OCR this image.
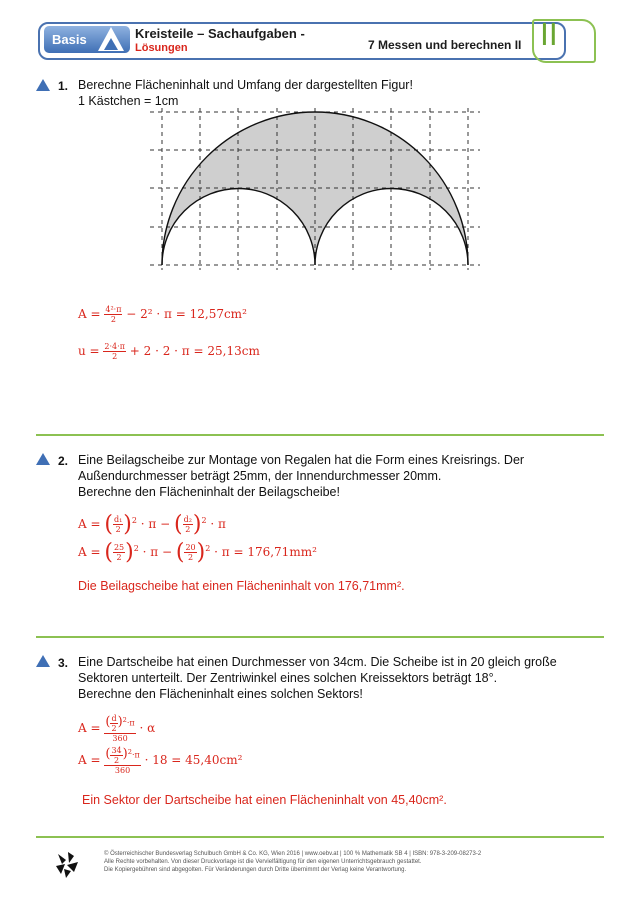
Basis	Kreisteile – Sachaufgaben -
Lösungen	7 Messen und berechnen II II
1. Berechne Flächeninhalt und Umfang der dargestellten Figur!
1 Kästchen = 1cm
$A = \frac{\text{4²·π}}{2} - 2^2 \cdot \pi = 12,57cm^2$
$u = \frac{2\cdot 4\cdot\pi}{2} + 2 \cdot 2 \cdot \pi = 25,13cm$
2. Eine Beilagscheibe zur Montage von Regalen hat die Form eines Kreisrings. Der
Außendurchmesser beträgt 25mm, der Innendurchmesser 20mm.
Berechne den Flächeninhalt der Beilagscheibe!
A = ( $\frac{\text{d₁}}{2} )^2 \cdot \pi$ − ( $\frac{\text{d₂}}{2} )^2 \cdot \pi$
A = ( $\frac{25}{2} )^2 \cdot \pi$ − ( $\frac{20}{2} )^2 \cdot \pi = 176,71mm^2$
Die Beilagscheibe hat einen Flächeninhalt von 176,71mm².
3. Eine Dartscheibe hat einen Durchmesser von 34cm. Die Scheibe ist in 20 gleich große
Sektoren unterteilt. Der Zentriwinkel eines solchen Kreissektors beträgt 18°.
Berechne den Flächeninhalt eines solchen Sektors!
$A = \frac{( \frac{d}{2} )^2\cdot\pi}{360} \cdot \alpha$
$A = \frac{( \frac{34}{2} )^2\cdot\pi}{360} \cdot 18 = 45,40cm^2$
Ein Sektor der Dartscheibe hat einen Flächeninhalt von 45,40cm².
© Österreichischer Bundesverlag Schulbuch GmbH & Co. KG, Wien 2016 | www.oebv.at | 100 % Mathematik SB 4 | ISBN: 978-3-209-08273-2
Alle Rechte vorbehalten. Von dieser Druckvorlage ist die Vervielfältigung für den eigenen Unterrichtsgebrauch gestattet.
Die Kopiergebühren sind abgegolten. Für Veränderungen durch Dritte übernimmt der Verlag keine Verantwortung.
